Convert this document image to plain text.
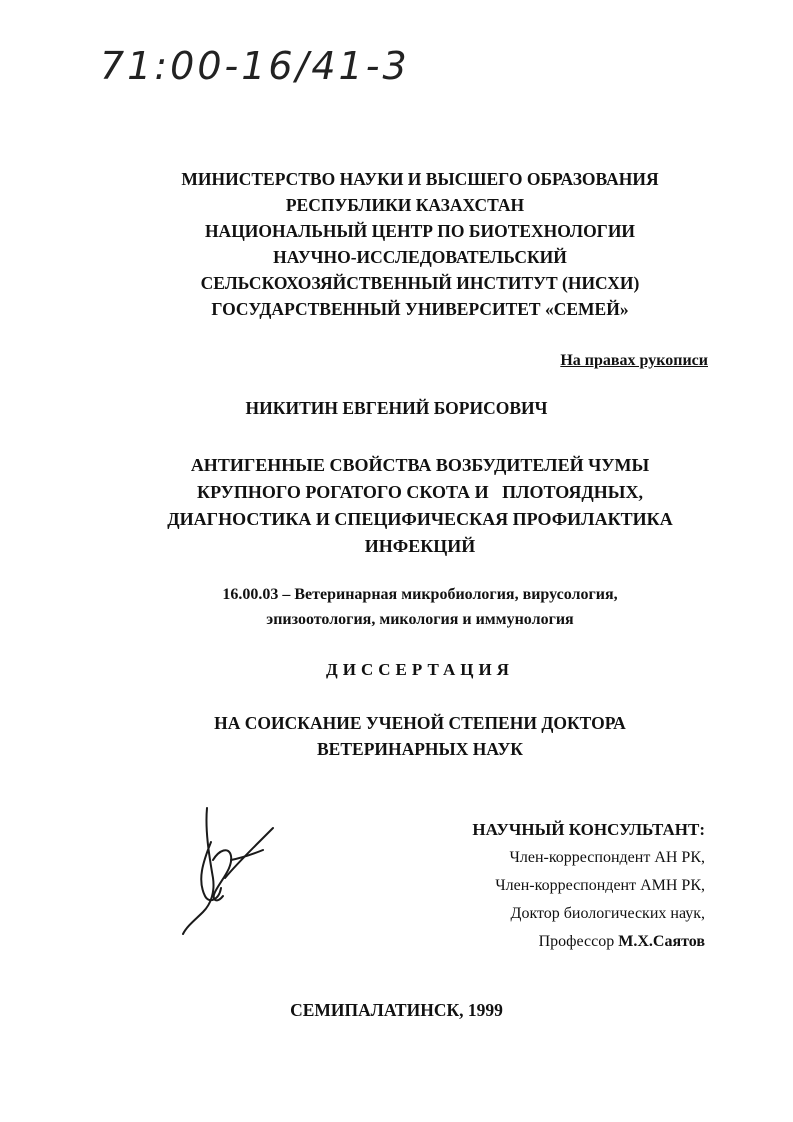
71:00-16/41-3
МИНИСТЕРСТВО НАУКИ И ВЫСШЕГО ОБРАЗОВАНИЯ
РЕСПУБЛИКИ КАЗАХСТАН
НАЦИОНАЛЬНЫЙ ЦЕНТР ПО БИОТЕХНОЛОГИИ
НАУЧНО-ИССЛЕДОВАТЕЛЬСКИЙ
СЕЛЬСКОХОЗЯЙСТВЕННЫЙ ИНСТИТУТ (НИСХИ)
ГОСУДАРСТВЕННЫЙ УНИВЕРСИТЕТ «СЕМЕЙ»
На правах рукописи
НИКИТИН ЕВГЕНИЙ БОРИСОВИЧ
АНТИГЕННЫЕ СВОЙСТВА ВОЗБУДИТЕЛЕЙ ЧУМЫ
КРУПНОГО РОГАТОГО СКОТА И   ПЛОТОЯДНЫХ,
ДИАГНОСТИКА И СПЕЦИФИЧЕСКАЯ ПРОФИЛАКТИКА
ИНФЕКЦИЙ
16.00.03 – Ветеринарная микробиология, вирусология,
эпизоотология, микология и иммунология
ДИССЕРТАЦИЯ
НА СОИСКАНИЕ УЧЕНОЙ СТЕПЕНИ ДОКТОРА
ВЕТЕРИНАРНЫХ НАУК
НАУЧНЫЙ КОНСУЛЬТАНТ:
Член-корреспондент АН РК,
Член-корреспондент АМН РК,
Доктор биологических наук,
Профессор М.Х.Саятов
СЕМИПАЛАТИНСК, 1999
